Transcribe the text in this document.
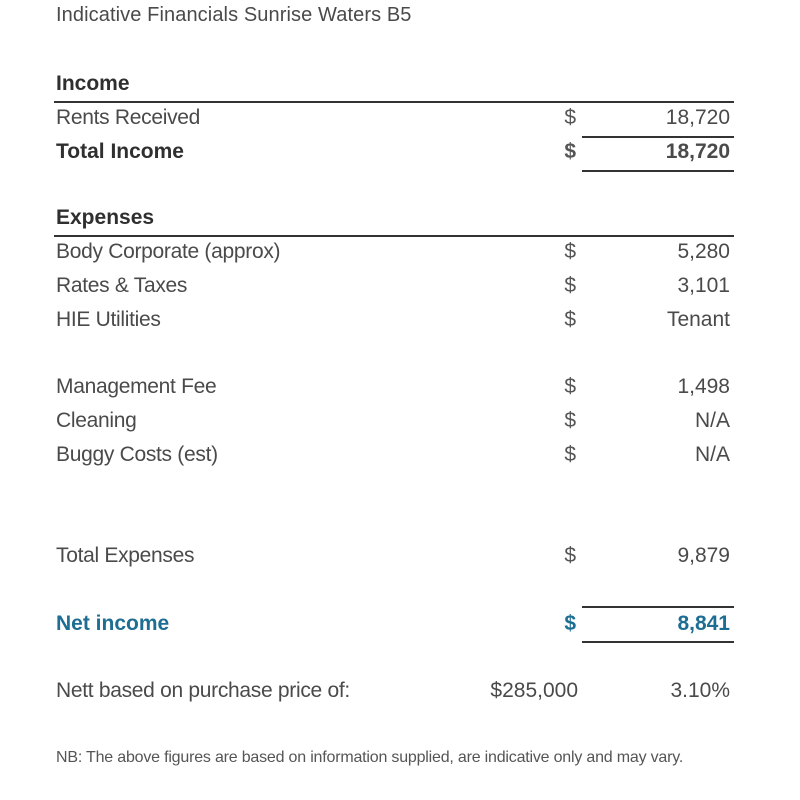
Indicative Financials Sunrise Waters B5
Income
Rents Received	$	18,720
Total Income	$	18,720
Expenses
Body Corporate (approx)	$	5,280
Rates & Taxes	$	3,101
HIE Utilities	$	Tenant
Management Fee	$	1,498
Cleaning	$	N/A
Buggy Costs (est)	$	N/A
Total Expenses	$	9,879
Net income	$	8,841
Nett based on purchase price of:	$285,000	3.10%
NB: The above figures are based on information supplied, are indicative only and may vary.
